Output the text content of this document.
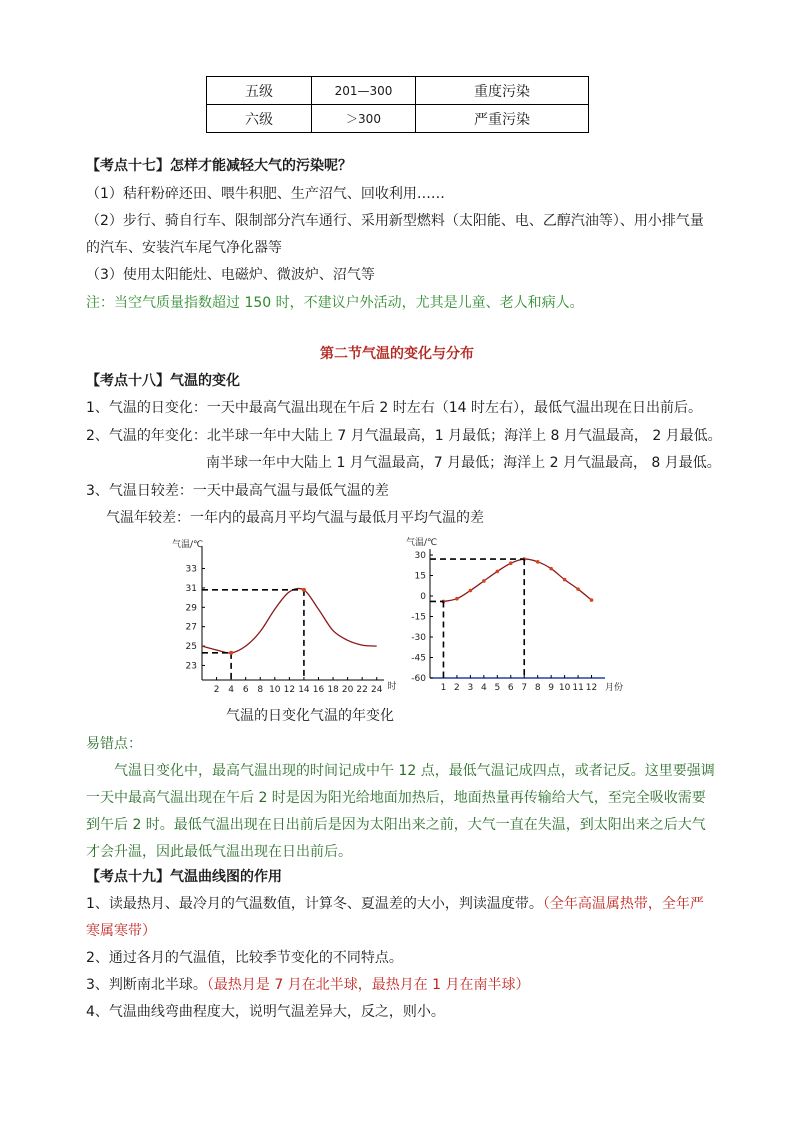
五级	201—300	重度污染
六级	＞300	严重污染
【考点十七】怎样才能减轻大气的污染呢？
（1）秸秆粉碎还田、喂牛积肥、生产沼气、回收利用……
（2）步行、骑自行车、限制部分汽车通行、采用新型燃料（太阳能、电、乙醇汽油等）、用小排气量
的汽车、安装汽车尾气净化器等
（3）使用太阳能灶、电磁炉、微波炉、沼气等
注：当空气质量指数超过 150 时，不建议户外活动，尤其是儿童、老人和病人。
第二节气温的变化与分布
【考点十八】气温的变化
1、气温的日变化：一天中最高气温出现在午后 2 时左右（14 时左右），最低气温出现在日出前后。
2、气温的年变化：北半球一年中大陆上 7 月气温最高，1 月最低；海洋上 8 月气温最高， 2 月最低。
南半球一年中大陆上 1 月气温最高，7 月最低；海洋上 2 月气温最高， 8 月最低。
3、气温日较差：一天中最高气温与最低气温的差
气温年较差：一年内的最高月平均气温与最低月平均气温的差
气温/℃
时
23
25
27
29
31
33
2 4 6 8 10 12 14 16 18 20 22 24
气温/℃
月份
30
15
0
-15
-30
-45
-60
1 2 3 4 5 6 7 8 9 10 11 12
气温的日变化气温的年变化
易错点：
气温日变化中，最高气温出现的时间记成中午 12 点，最低气温记成四点，或者记反。这里要强调
一天中最高气温出现在午后 2 时是因为阳光给地面加热后，地面热量再传输给大气，至完全吸收需要
到午后 2 时。最低气温出现在日出前后是因为太阳出来之前，大气一直在失温，到太阳出来之后大气
才会升温，因此最低气温出现在日出前后。
【考点十九】气温曲线图的作用
1、读最热月、最冷月的气温数值，计算冬、夏温差的大小，判读温度带。（全年高温属热带，全年严
寒属寒带）
2、通过各月的气温值，比较季节变化的不同特点。
3、判断南北半球。（最热月是 7 月在北半球，最热月在 1 月在南半球）
4、气温曲线弯曲程度大，说明气温差异大，反之，则小。
